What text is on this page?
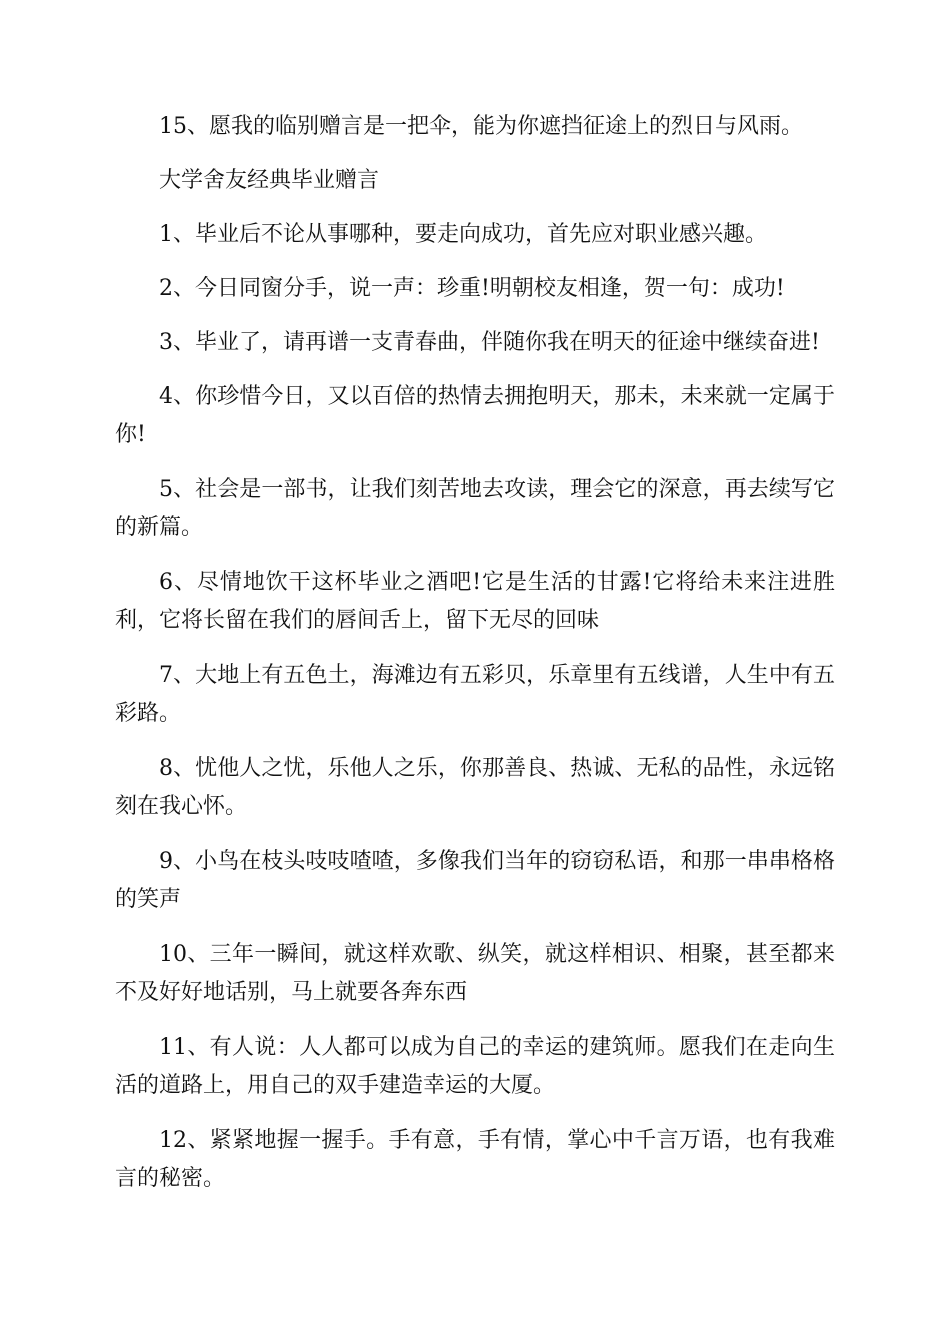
15、愿我的临别赠言是一把伞，能为你遮挡征途上的烈日与风雨。

大学舍友经典毕业赠言

1、毕业后不论从事哪种，要走向成功，首先应对职业感兴趣。

2、今日同窗分手，说一声：珍重!明朝校友相逢，贺一句：成功!

3、毕业了，请再谱一支青春曲，伴随你我在明天的征途中继续奋进!

4、你珍惜今日，又以百倍的热情去拥抱明天，那未，未来就一定属于你!

5、社会是一部书，让我们刻苦地去攻读，理会它的深意，再去续写它的新篇。

6、尽情地饮干这杯毕业之酒吧!它是生活的甘露!它将给未来注进胜利，它将长留在我们的唇间舌上，留下无尽的回味

7、大地上有五色土，海滩边有五彩贝，乐章里有五线谱，人生中有五彩路。

8、忧他人之忧，乐他人之乐，你那善良、热诚、无私的品性，永远铭刻在我心怀。

9、小鸟在枝头吱吱喳喳，多像我们当年的窃窃私语，和那一串串格格的笑声

10、三年一瞬间，就这样欢歌、纵笑，就这样相识、相聚，甚至都来不及好好地话别，马上就要各奔东西

11、有人说：人人都可以成为自己的幸运的建筑师。愿我们在走向生活的道路上，用自己的双手建造幸运的大厦。

12、紧紧地握一握手。手有意，手有情，掌心中千言万语，也有我难言的秘密。
